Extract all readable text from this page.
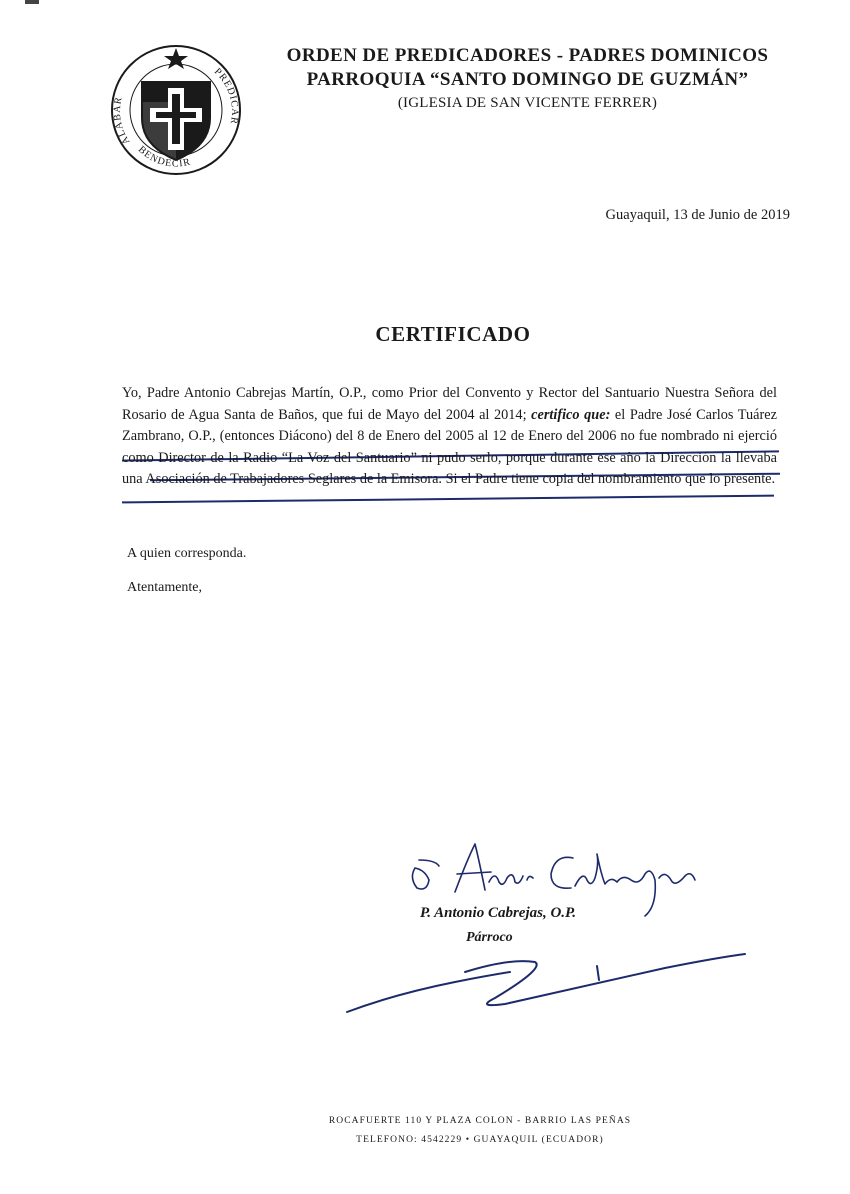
ALABAR
BENDECIR
PREDICAR
ORDEN DE PREDICADORES - PADRES DOMINICOS
PARROQUIA “SANTO DOMINGO DE GUZMÁN”
(IGLESIA DE SAN VICENTE FERRER)
Guayaquil, 13 de Junio de 2019
CERTIFICADO
Yo, Padre Antonio Cabrejas Martín, O.P., como Prior del Convento y Rector del Santuario Nuestra Señora del Rosario de Agua Santa de Baños, que fui de Mayo del 2004 al 2014; certifico que: el Padre José Carlos Tuárez Zambrano, O.P., (entonces Diácono) del 8 de Enero del 2005 al 12 de Enero del 2006 no fue nombrado ni ejerció como Director de la Radio “La Voz del Santuario” ni pudo serlo, porque durante ese año la Dirección la llevaba una Asociación de Trabajadores Seglares de la Emisora. Si el Padre tiene copia del nombramiento que lo presente.
A quien corresponda.
Atentamente,
P. Antonio Cabrejas, O.P.
Párroco
ROCAFUERTE 110 Y PLAZA COLON - BARRIO LAS PEÑAS
TELEFONO: 4542229 • GUAYAQUIL (ECUADOR)
